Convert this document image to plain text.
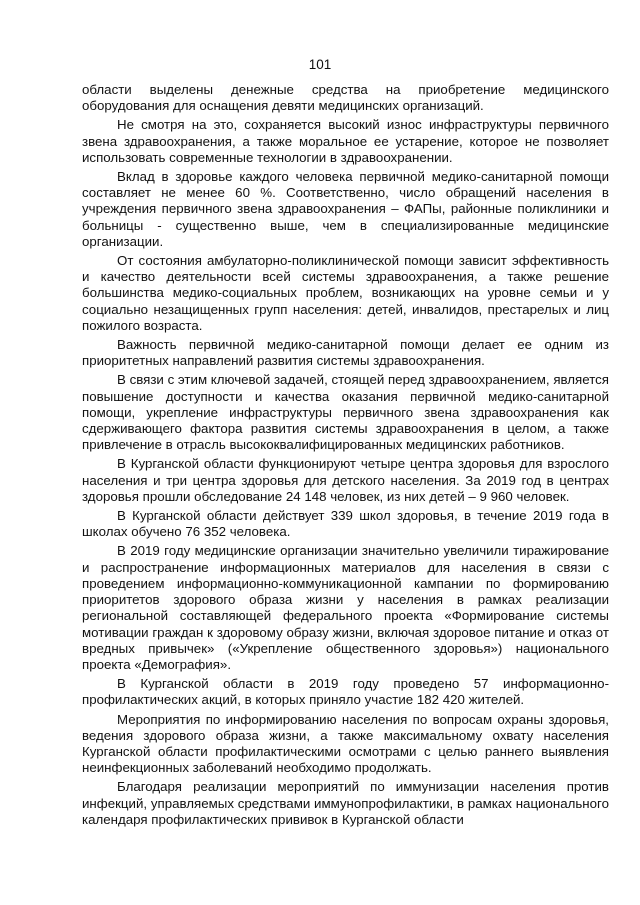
101

области выделены денежные средства на приобретение медицинского оборудования для оснащения девяти медицинских организаций.

Не смотря на это, сохраняется высокий износ инфраструктуры первичного звена здравоохранения, а также моральное ее устарение, которое не позволяет использовать современные технологии в здравоохранении.

Вклад в здоровье каждого человека первичной медико-санитарной помощи составляет не менее 60 %. Соответственно, число обращений населения в учреждения первичного звена здравоохранения – ФАПы, районные поликлиники и больницы - существенно выше, чем в специализированные медицинские организации.

От состояния амбулаторно-поликлинической помощи зависит эффективность и качество деятельности всей системы здравоохранения, а также решение большинства медико-социальных проблем, возникающих на уровне семьи и у социально незащищенных групп населения: детей, инвалидов, престарелых и лиц пожилого возраста.

Важность первичной медико-санитарной помощи делает ее одним из приоритетных направлений развития системы здравоохранения.

В связи с этим ключевой задачей, стоящей перед здравоохранением, является повышение доступности и качества оказания первичной медико-санитарной помощи, укрепление инфраструктуры первичного звена здравоохранения как сдерживающего фактора развития системы здравоохранения в целом, а также привлечение в отрасль высококвалифицированных медицинских работников.

В Курганской области функционируют четыре центра здоровья для взрослого населения и три центра здоровья для детского населения. За 2019 год в центрах здоровья прошли обследование 24 148 человек, из них детей – 9 960 человек.

В Курганской области действует 339 школ здоровья, в течение 2019 года в школах обучено 76 352 человека.

В 2019 году медицинские организации значительно увеличили тиражирование и распространение информационных материалов для населения в связи с проведением информационно-коммуникационной кампании по формированию приоритетов здорового образа жизни у населения в рамках реализации региональной составляющей федерального проекта «Формирование системы мотивации граждан к здоровому образу жизни, включая здоровое питание и отказ от вредных привычек» («Укрепление общественного здоровья») национального проекта «Демография».

В Курганской области в 2019 году проведено 57 информационно-профилактических акций, в которых приняло участие 182 420 жителей.

Мероприятия по информированию населения по вопросам охраны здоровья, ведения здорового образа жизни, а также максимальному охвату населения Курганской области профилактическими осмотрами с целью раннего выявления неинфекционных заболеваний необходимо продолжать.

Благодаря реализации мероприятий по иммунизации населения против инфекций, управляемых средствами иммунопрофилактики, в рамках национального календаря профилактических прививок в Курганской области
